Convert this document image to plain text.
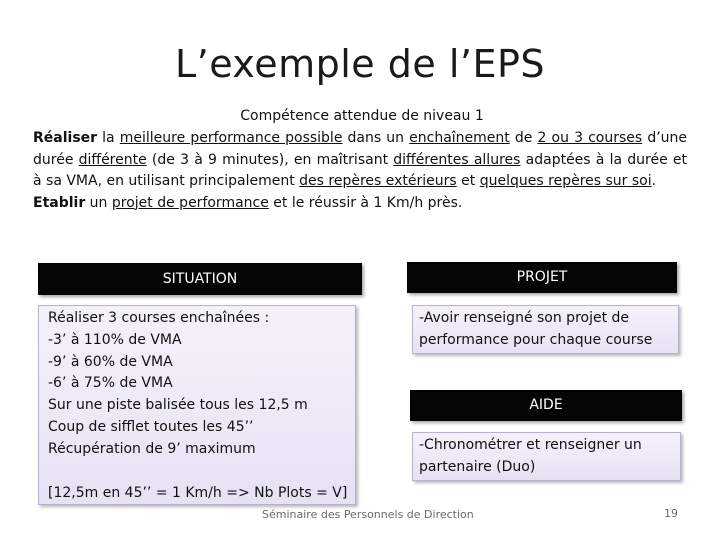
L’exemple de l’EPS
Compétence attendue de niveau 1
Réaliser la meilleure performance possible dans un enchaînement de 2 ou 3 courses d’une durée différente (de 3 à 9 minutes), en maîtrisant différentes allures adaptées à la durée et à sa VMA, en utilisant principalement des repères extérieurs et quelques repères sur soi.
Etablir un projet de performance et le réussir à 1 Km/h près.
SITUATION
Réaliser 3 courses enchaînées :
-3’ à 110% de VMA
-9’ à 60% de VMA
-6’ à 75% de VMA
Sur une piste balisée tous les 12,5 m
Coup de sifflet toutes les 45’’
Récupération de 9’ maximum
[12,5m en 45’’ = 1 Km/h => Nb Plots = V]
PROJET
-Avoir renseigné son projet de performance pour chaque course
AIDE
-Chronométrer et renseigner un partenaire (Duo)
Séminaire des Personnels de Direction	19
